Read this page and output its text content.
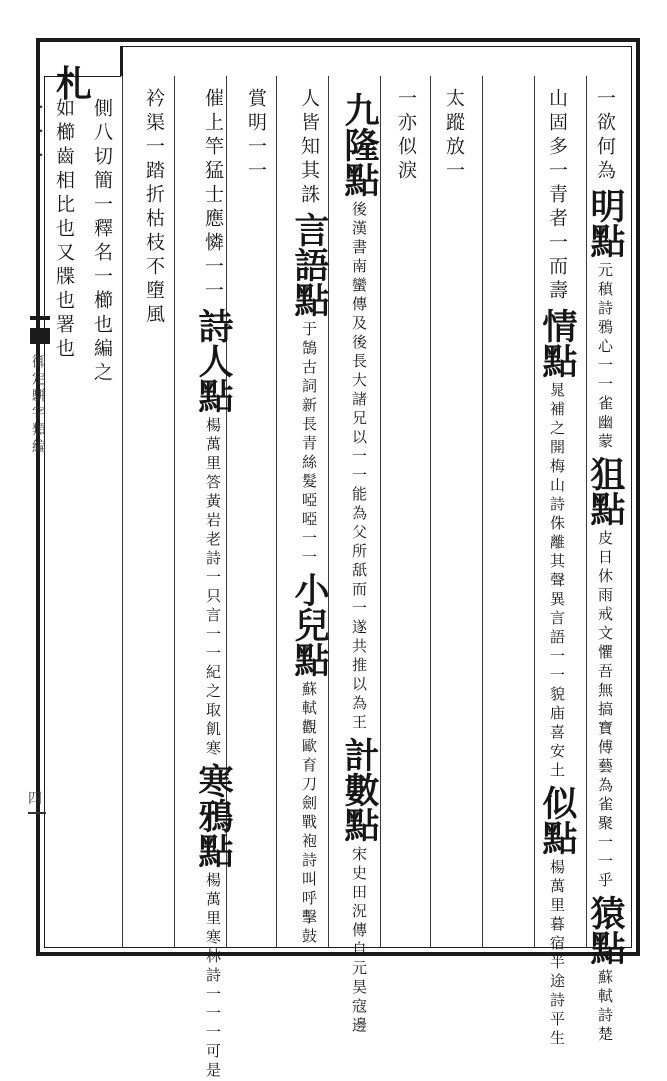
・・・
御定駢字類編
四
札
一欲何為明點元稹詩鴉心一一雀幽蒙狙點皮日休雨戒文懼吾無搞寶傅藝為雀聚一一乎猿點蘇軾詩楚
山固多一青者一而壽情點晁補之開梅山詩侏離其聲異言語一一貌庙喜安土似點楊萬里暮宿半途詩平生
太蹤放一
一亦似淚
九隆點後漢書南蠻傳及後長大諸兄以一一能為父所舐而一遂共推以為王計數點宋史田況傳自元昊寇邊
人皆知其誅言語點于鵠古詞新長青絲髮啞啞一一小兒點蘇軾觀歐育刀劍戰袍詩叫呼擊鼓
賞明一一
催上竿猛士應憐一一詩人點楊萬里答黃岩老詩一只言一一紀之取飢寒寒鴉點楊萬里寒林詩一一一可是
衿渠一踏折枯枝不墮風
側八切簡一釋名一櫛也編之
如櫛齒相比也又牒也署也
